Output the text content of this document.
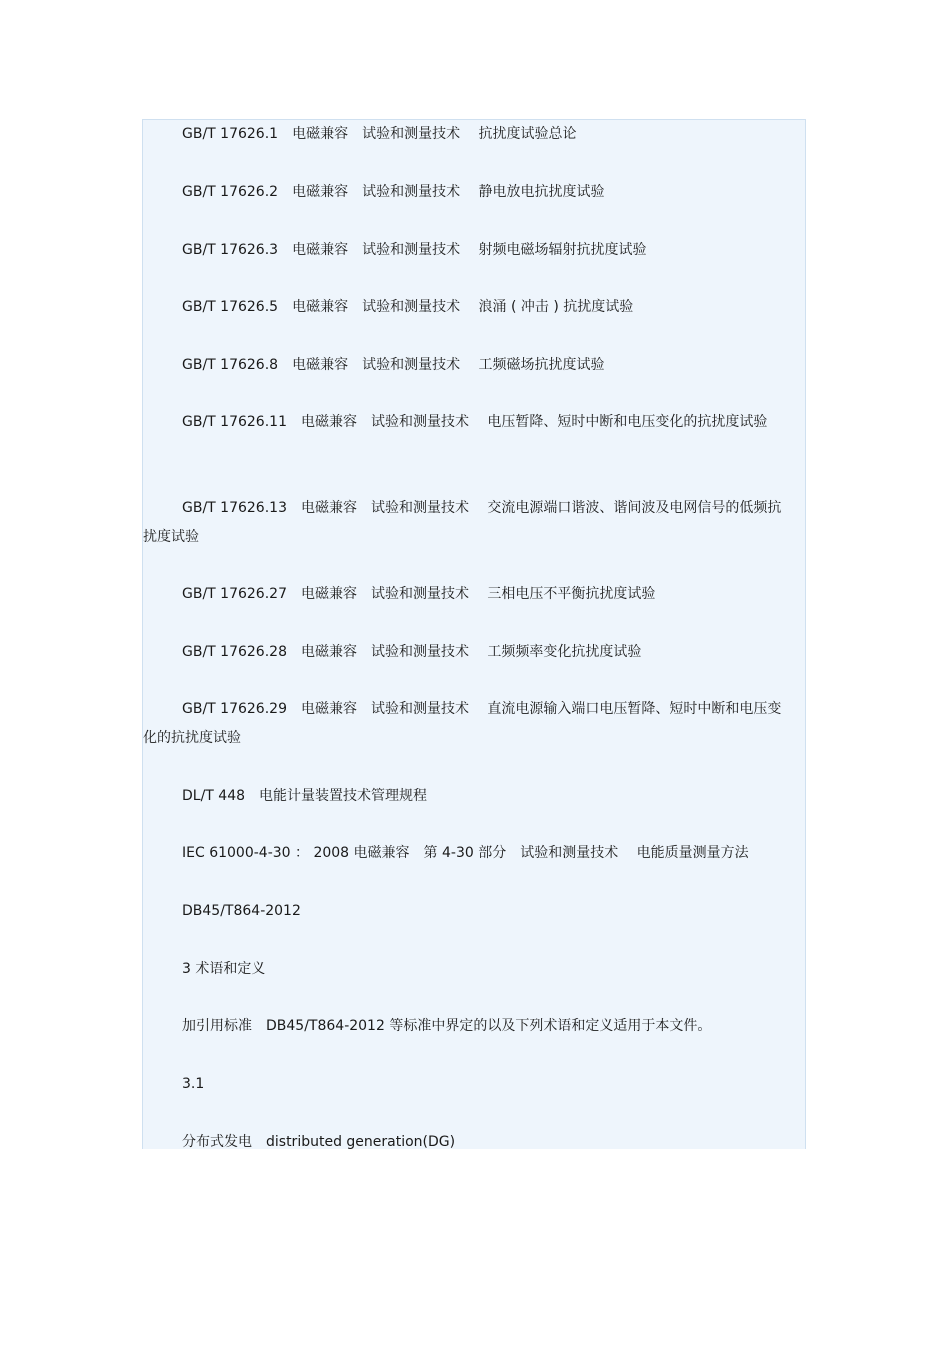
GB/T 17626.1　电磁兼容　试验和测量技术　 抗扰度试验总论

GB/T 17626.2　电磁兼容　试验和测量技术　 静电放电抗扰度试验

GB/T 17626.3　电磁兼容　试验和测量技术　 射频电磁场辐射抗扰度试验

GB/T 17626.5　电磁兼容　试验和测量技术　 浪涌 ( 冲击 ) 抗扰度试验

GB/T 17626.8　电磁兼容　试验和测量技术　 工频磁场抗扰度试验

GB/T 17626.11　电磁兼容　试验和测量技术　 电压暂降、短时中断和电压变化的抗扰度试验

GB/T 17626.13　电磁兼容　试验和测量技术　 交流电源端口谐波、谐间波及电网信号的低频抗扰度试验

GB/T 17626.27　电磁兼容　试验和测量技术　 三相电压不平衡抗扰度试验

GB/T 17626.28　电磁兼容　试验和测量技术　 工频频率变化抗扰度试验

GB/T 17626.29　电磁兼容　试验和测量技术　 直流电源输入端口电压暂降、短时中断和电压变化的抗扰度试验

DL/T 448　电能计量装置技术管理规程

IEC 61000-4-30 ： 2008 电磁兼容　第 4-30 部分　试验和测量技术　 电能质量测量方法

DB45/T864-2012

3 术语和定义

加引用标准　DB45/T864-2012 等标准中界定的以及下列术语和定义适用于本文件。

3.1

分布式发电　distributed generation(DG)
